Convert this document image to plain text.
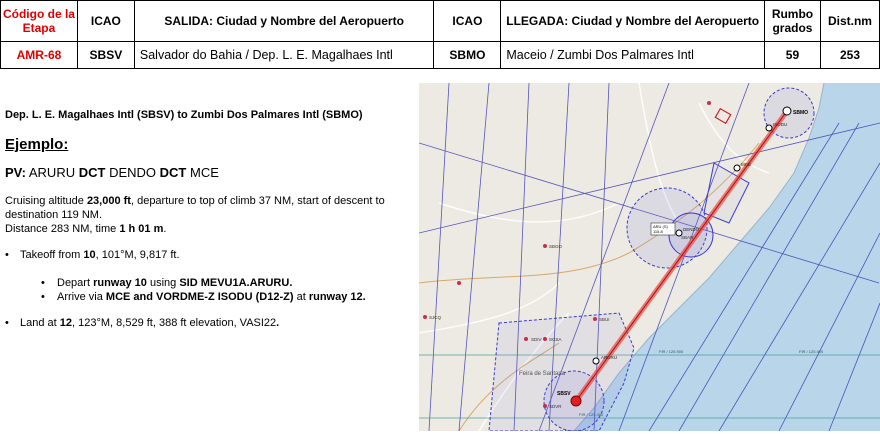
Código de la Etapa	ICAO	SALIDA: Ciudad y Nombre del Aeropuerto	ICAO	LLEGADA: Ciudad y Nombre del Aeropuerto	Rumbo grados	Dist.nm
AMR-68	SBSV	Salvador do Bahia / Dep. L. E. Magalhaes Intl	SBMO	Maceio / Zumbi Dos Palmares Intl	59	253
Dep. L. E. Magalhaes Intl (SBSV) to Zumbi Dos Palmares Intl (SBMO)
Ejemplo:
PV: ARURU DCT DENDO DCT MCE
Cruising altitude 23,000 ft, departure to top of climb 37 NM, start of descent to destination 119 NM.
Distance 283 NM, time 1 h 01 m.
• Takeoff from 10, 101°M, 9,817 ft.
• Depart runway 10 using SID MEVU1A.ARURU.
• Arrive via MCE and VORDME-Z ISODU (D12-Z) at runway 12.
• Land at 12, 123°M, 8,529 ft, 388 ft elevation, VASI22.
FIR / 125.900	FIR / 125.900
FIR / 125.400
ARURU
DENDO
MCE
ISODU
SBMO
SBSV
ARU (S)
115.8
SBAR
Feira de Santana
SDIV SGSA
SBUI
SBGO
SJCQ
SDVR
